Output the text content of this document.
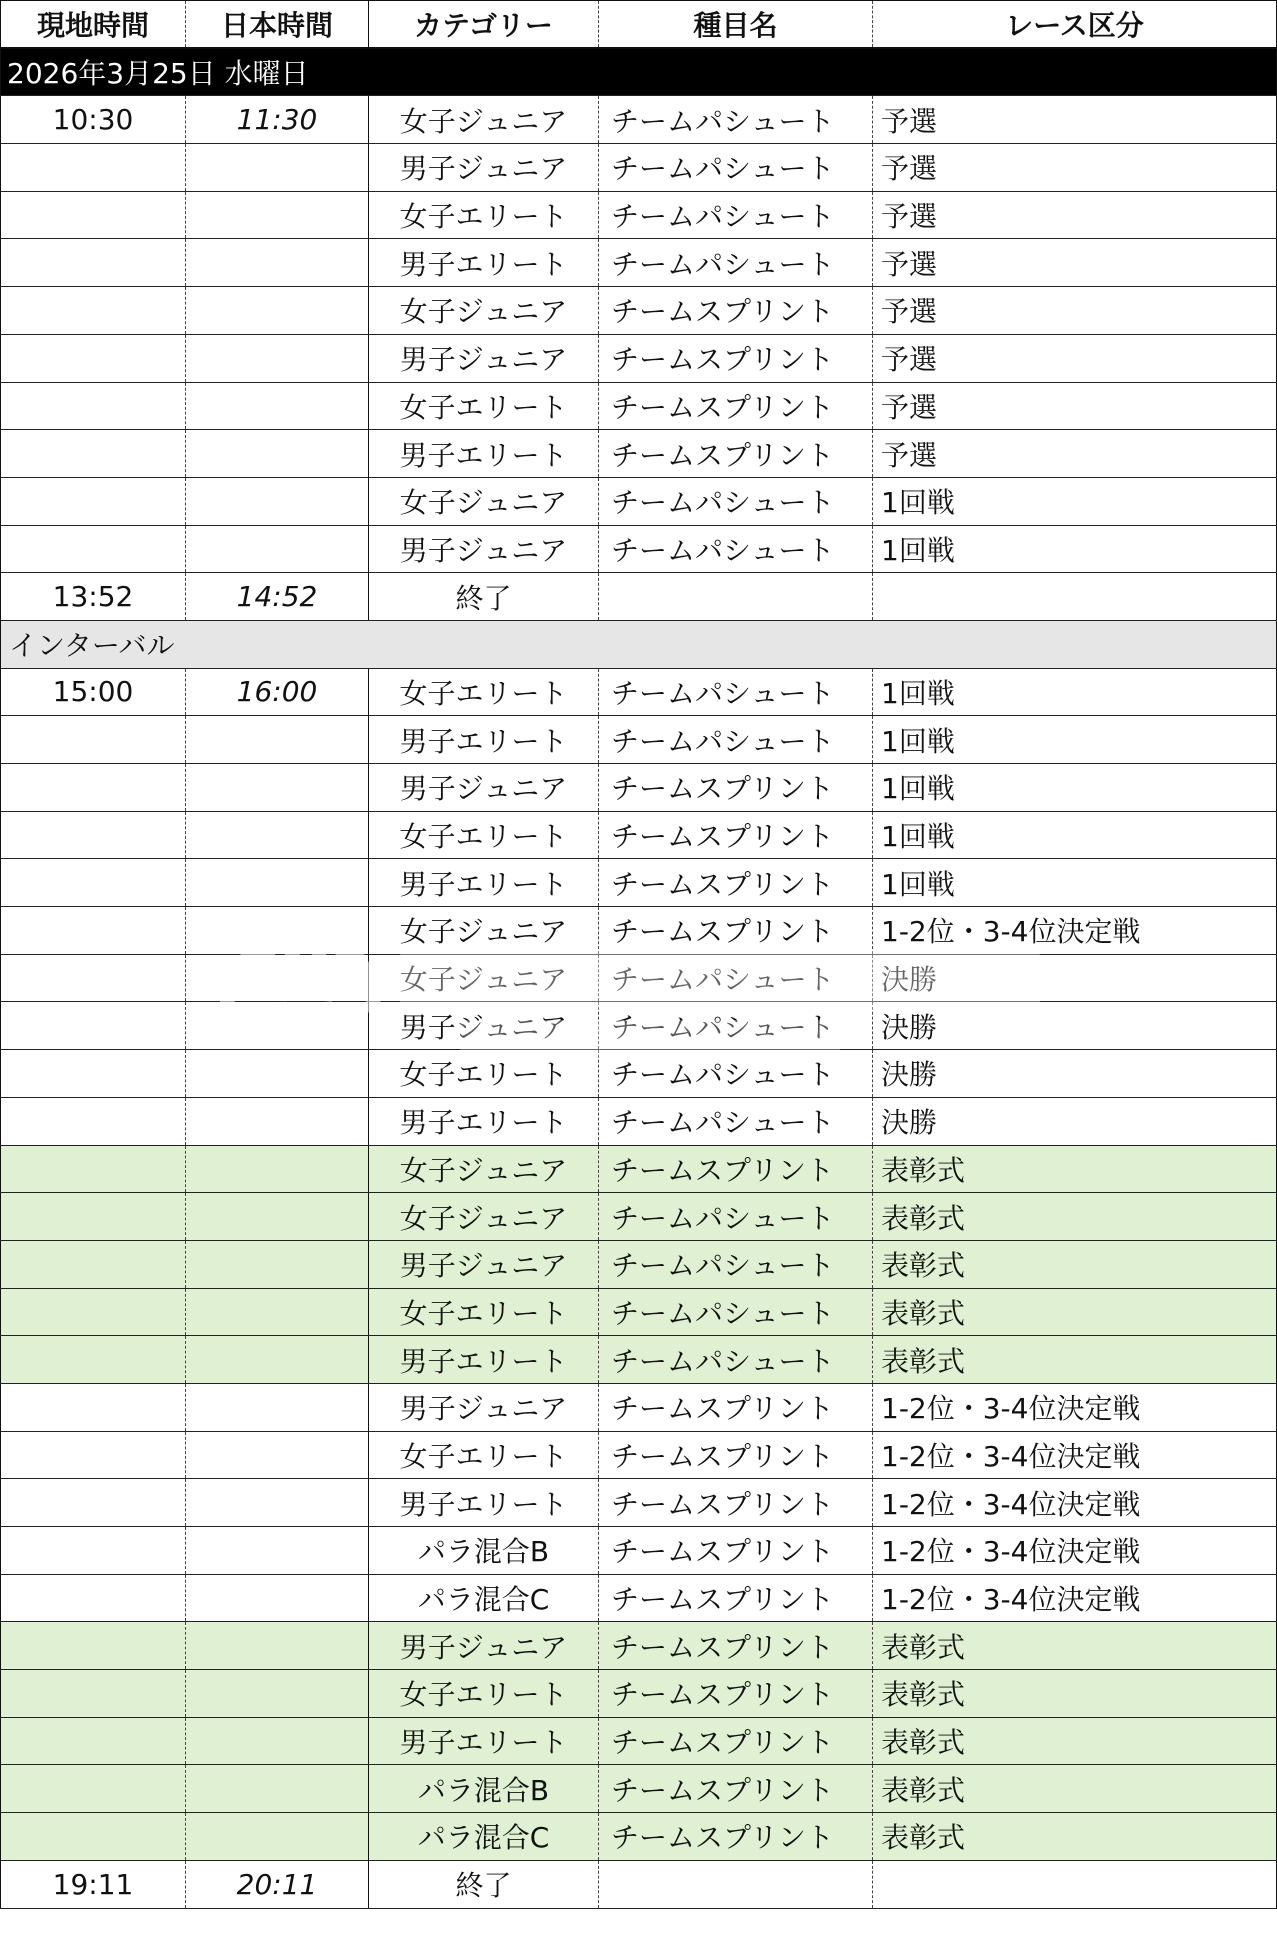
現地時間	日本時間	カテゴリー	種目名	レース区分
2026年3月25日 水曜日				
10:30	11:30	女子ジュニア	チームパシュート	予選
		男子ジュニア	チームパシュート	予選
		女子エリート	チームパシュート	予選
		男子エリート	チームパシュート	予選
		女子ジュニア	チームスプリント	予選
		男子ジュニア	チームスプリント	予選
		女子エリート	チームスプリント	予選
		男子エリート	チームスプリント	予選
		女子ジュニア	チームパシュート	1回戦
		男子ジュニア	チームパシュート	1回戦
13:52	14:52	終了		
インターバル				
15:00	16:00	女子エリート	チームパシュート	1回戦
		男子エリート	チームパシュート	1回戦
		男子ジュニア	チームスプリント	1回戦
		女子エリート	チームスプリント	1回戦
		男子エリート	チームスプリント	1回戦
		女子ジュニア	チームスプリント	1-2位・3-4位決定戦
		女子ジュニア	チームパシュート	決勝
		男子ジュニア	チームパシュート	決勝
		女子エリート	チームパシュート	決勝
		男子エリート	チームパシュート	決勝
		女子ジュニア	チームスプリント	表彰式
		女子ジュニア	チームパシュート	表彰式
		男子ジュニア	チームパシュート	表彰式
		女子エリート	チームパシュート	表彰式
		男子エリート	チームパシュート	表彰式
		男子ジュニア	チームスプリント	1-2位・3-4位決定戦
		女子エリート	チームスプリント	1-2位・3-4位決定戦
		男子エリート	チームスプリント	1-2位・3-4位決定戦
		パラ混合B	チームスプリント	1-2位・3-4位決定戦
		パラ混合C	チームスプリント	1-2位・3-4位決定戦
		男子ジュニア	チームスプリント	表彰式
		女子エリート	チームスプリント	表彰式
		男子エリート	チームスプリント	表彰式
		パラ混合B	チームスプリント	表彰式
		パラ混合C	チームスプリント	表彰式
19:11	20:11	終了		
